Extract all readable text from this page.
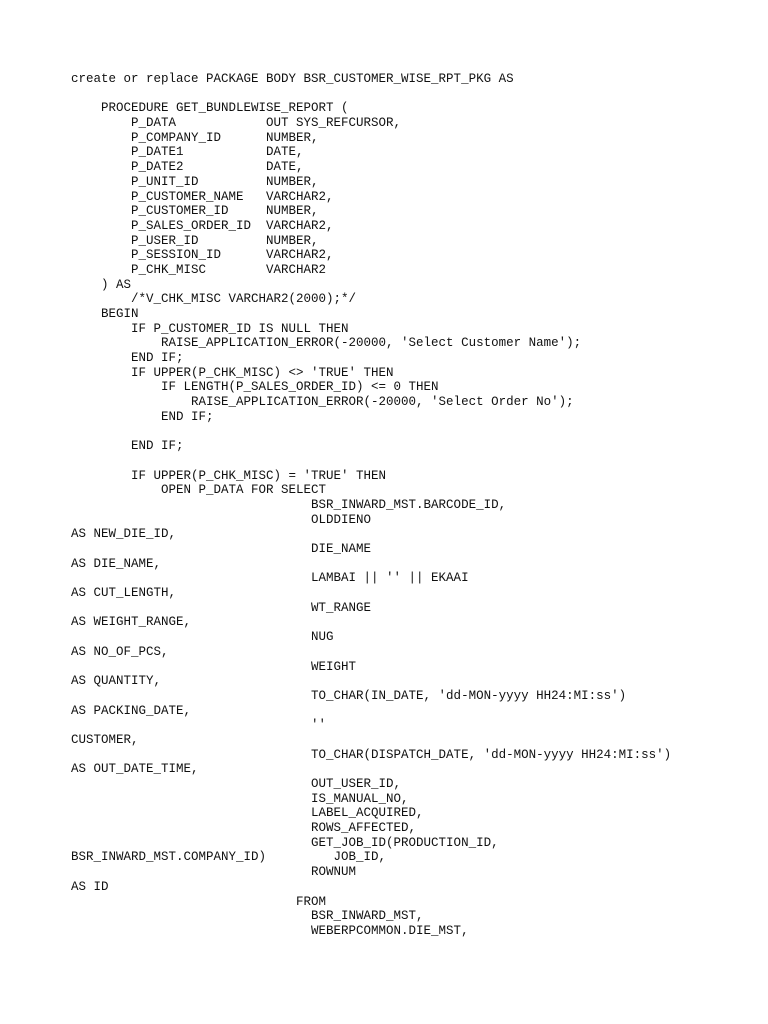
create or replace PACKAGE BODY BSR_CUSTOMER_WISE_RPT_PKG AS
PROCEDURE GET_BUNDLEWISE_REPORT (
P_DATA            OUT SYS_REFCURSOR,
P_COMPANY_ID      NUMBER,
P_DATE1           DATE,
P_DATE2           DATE,
P_UNIT_ID         NUMBER,
P_CUSTOMER_NAME   VARCHAR2,
P_CUSTOMER_ID     NUMBER,
P_SALES_ORDER_ID  VARCHAR2,
P_USER_ID         NUMBER,
P_SESSION_ID      VARCHAR2,
P_CHK_MISC        VARCHAR2
) AS
/*V_CHK_MISC VARCHAR2(2000);*/
BEGIN
IF P_CUSTOMER_ID IS NULL THEN
RAISE_APPLICATION_ERROR(-20000, 'Select Customer Name');
END IF;
IF UPPER(P_CHK_MISC) <> 'TRUE' THEN
IF LENGTH(P_SALES_ORDER_ID) <= 0 THEN
RAISE_APPLICATION_ERROR(-20000, 'Select Order No');
END IF;
END IF;
IF UPPER(P_CHK_MISC) = 'TRUE' THEN
OPEN P_DATA FOR SELECT
BSR_INWARD_MST.BARCODE_ID,
OLDDIENO
AS NEW_DIE_ID,
DIE_NAME
AS DIE_NAME,
LAMBAI || '' || EKAAI
AS CUT_LENGTH,
WT_RANGE
AS WEIGHT_RANGE,
NUG
AS NO_OF_PCS,
WEIGHT
AS QUANTITY,
TO_CHAR(IN_DATE, 'dd-MON-yyyy HH24:MI:ss')
AS PACKING_DATE,
''
CUSTOMER,
TO_CHAR(DISPATCH_DATE, 'dd-MON-yyyy HH24:MI:ss')
AS OUT_DATE_TIME,
OUT_USER_ID,
IS_MANUAL_NO,
LABEL_ACQUIRED,
ROWS_AFFECTED,
GET_JOB_ID(PRODUCTION_ID,
BSR_INWARD_MST.COMPANY_ID)         JOB_ID,
ROWNUM
AS ID
FROM
BSR_INWARD_MST,
WEBERPCOMMON.DIE_MST,
